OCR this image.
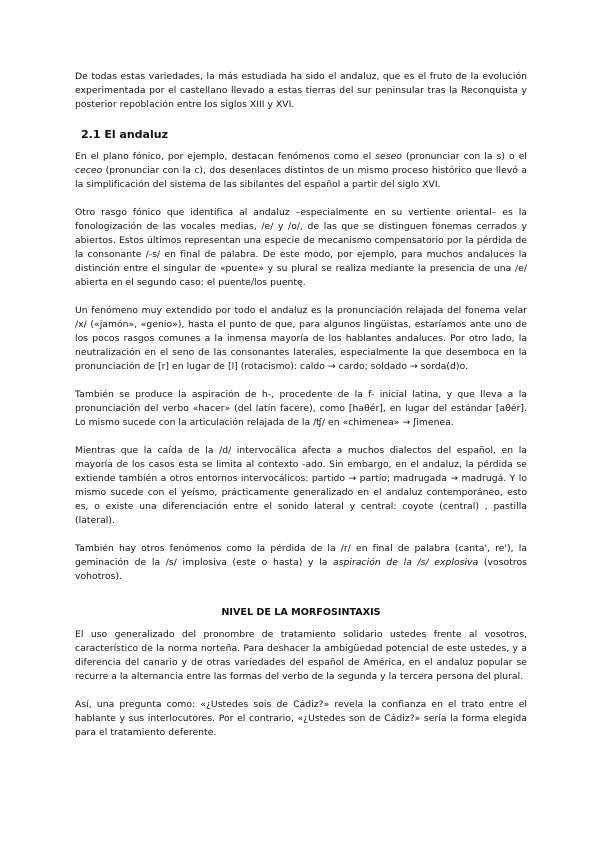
De todas estas variedades, la más estudiada ha sido el andaluz, que es el fruto de la evolución experimentada por el castellano llevado a estas tierras del sur peninsular tras la Reconquista y posterior repoblación entre los siglos XIII y XVI.

2.1 El andaluz

En el plano fónico, por ejemplo, destacan fenómenos como el seseo (pronunciar con la s) o el ceceo (pronunciar con la c), dos desenlaces distintos de un mismo proceso histórico que llevó a la simplificación del sistema de las sibilantes del español a partir del siglo XVI.

Otro rasgo fónico que identifica al andaluz –especialmente en su vertiente oriental– es la fonologización de las vocales medias, /e/ y /o/, de las que se distinguen fonemas cerrados y abiertos. Estos últimos representan una especie de mecanismo compensatorio por la pérdida de la consonante /-s/ en final de palabra. De este modo, por ejemplo, para muchos andaluces la distinción entre el singular de «puente» y su plural se realiza mediante la presencia de una /e/ abierta en el segundo caso: el puente/los puentę.

Un fenómeno muy extendido por todo el andaluz es la pronunciación relajada del fonema velar /x/ («jamón», «genio»), hasta el punto de que, para algunos lingüistas, estaríamos ante uno de los pocos rasgos comunes a la inmensa mayoría de los hablantes andaluces. Por otro lado, la neutralización en el seno de las consonantes laterales, especialmente la que desemboca en la pronunciación de [r] en lugar de [l] (rotacismo): caldo → cardo; soldado → sorda(d)o.

También se produce la aspiración de h-, procedente de la f- inicial latina, y que lleva a la pronunciación del verbo «hacer» (del latín facere), como [haθér], en lugar del estándar [aθér]. Lo mismo sucede con la articulación relajada de la /ʧ/ en «chimenea» → ʃimenea.

Mientras que la caída de la /d/ intervocálica afecta a muchos dialectos del español, en la mayoría de los casos esta se limita al contexto -ado. Sin embargo, en el andaluz, la pérdida se extiende también a otros entornos intervocálicos: partido → partío; madrugada → madrugá. Y lo mismo sucede con el yeísmo, prácticamente generalizado en el andaluz contemporáneo, esto es, o existe una diferenciación entre el sonido lateral y central: coyote (central) , pastilla (lateral).

También hay otros fenómenos como la pérdida de la /r/ en final de palabra (canta', re'), la geminación de la /s/ implosiva (este o hasta) y la aspiración de la /s/ explosiva (vosotros vohotros).

NIVEL DE LA MORFOSINTAXIS

El uso generalizado del pronombre de tratamiento solidario ustedes frente al vosotros, característico de la norma norteña. Para deshacer la ambigüedad potencial de este ustedes, y a diferencia del canario y de otras variedades del español de América, en el andaluz popular se recurre a la alternancia entre las formas del verbo de la segunda y la tercera persona del plural.

Así, una pregunta como: «¿Ustedes sois de Cádiz?» revela la confianza en el trato entre el hablante y sus interlocutores. Por el contrario, «¿Ustedes son de Cádiz?» sería la forma elegida para el tratamiento deferente.
